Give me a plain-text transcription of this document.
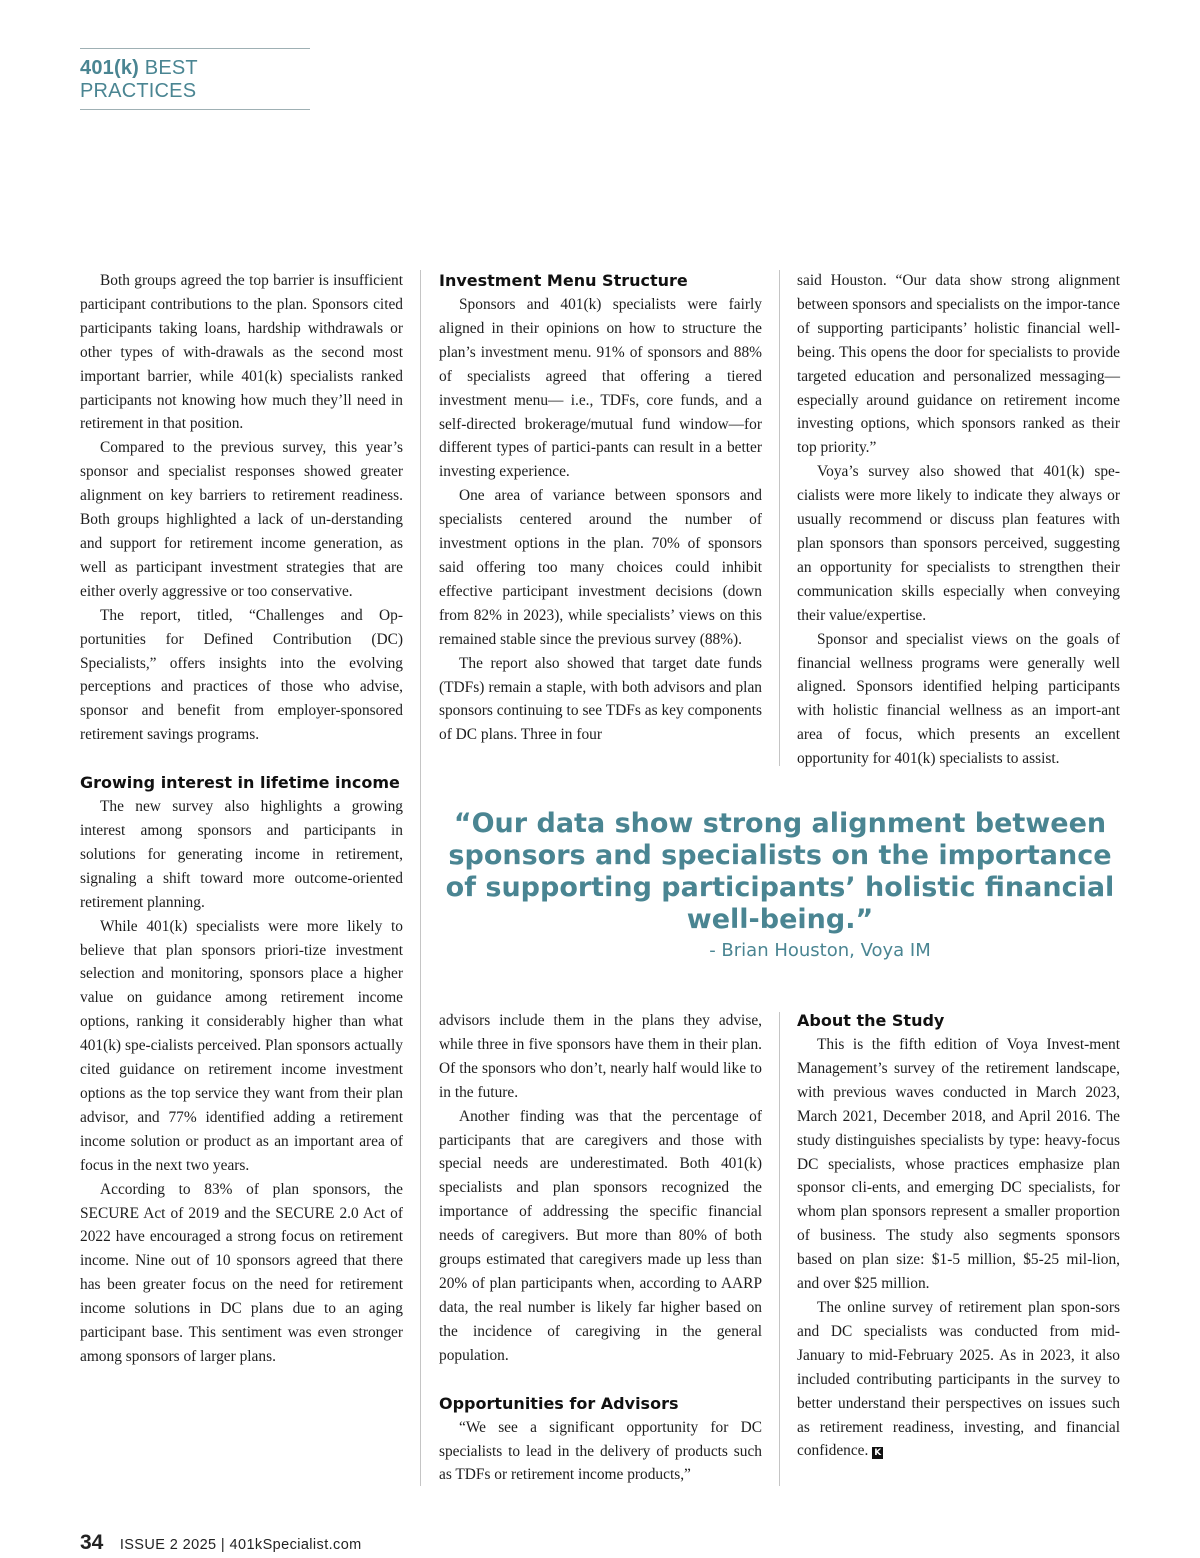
401(k) BEST PRACTICES

Both groups agreed the top barrier is insufficient participant contributions to the plan. Sponsors cited participants taking loans, hardship withdrawals or other types of with-drawals as the second most important barrier, while 401(k) specialists ranked participants not knowing how much they’ll need in retirement in that position.

Compared to the previous survey, this year’s sponsor and specialist responses showed greater alignment on key barriers to retirement readiness. Both groups highlighted a lack of un-derstanding and support for retirement income generation, as well as participant investment strategies that are either overly aggressive or too conservative.

The report, titled, “Challenges and Op-portunities for Defined Contribution (DC) Specialists,” offers insights into the evolving perceptions and practices of those who advise, sponsor and benefit from employer-sponsored retirement savings programs.

Growing interest in lifetime income

The new survey also highlights a growing interest among sponsors and participants in solutions for generating income in retirement, signaling a shift toward more outcome-oriented retirement planning.

While 401(k) specialists were more likely to believe that plan sponsors priori-tize investment selection and monitoring, sponsors place a higher value on guidance among retirement income options, ranking it considerably higher than what 401(k) spe-cialists perceived. Plan sponsors actually cited guidance on retirement income investment options as the top service they want from their plan advisor, and 77% identified adding a retirement income solution or product as an important area of focus in the next two years.

According to 83% of plan sponsors, the SECURE Act of 2019 and the SECURE 2.0 Act of 2022 have encouraged a strong focus on retirement income. Nine out of 10 sponsors agreed that there has been greater focus on the need for retirement income solutions in DC plans due to an aging participant base. This sentiment was even stronger among sponsors of larger plans.

Investment Menu Structure

Sponsors and 401(k) specialists were fairly aligned in their opinions on how to structure the plan’s investment menu. 91% of sponsors and 88% of specialists agreed that offering a tiered investment menu— i.e., TDFs, core funds, and a self-directed brokerage/mutual fund window—for different types of partici-pants can result in a better investing experience.

One area of variance between sponsors and specialists centered around the number of investment options in the plan. 70% of sponsors said offering too many choices could inhibit effective participant investment decisions (down from 82% in 2023), while specialists’ views on this remained stable since the previous survey (88%).

The report also showed that target date funds (TDFs) remain a staple, with both advisors and plan sponsors continuing to see TDFs as key components of DC plans. Three in four

said Houston. “Our data show strong alignment between sponsors and specialists on the impor-tance of supporting participants’ holistic financial well-being. This opens the door for specialists to provide targeted education and personalized messaging—especially around guidance on retirement income investing options, which sponsors ranked as their top priority.”

Voya’s survey also showed that 401(k) spe-cialists were more likely to indicate they always or usually recommend or discuss plan features with plan sponsors than sponsors perceived, suggesting an opportunity for specialists to strengthen their communication skills especially when conveying their value/expertise.

Sponsor and specialist views on the goals of financial wellness programs were generally well aligned. Sponsors identified helping participants with holistic financial wellness as an import-ant area of focus, which presents an excellent opportunity for 401(k) specialists to assist.

“Our data show strong alignment between sponsors and specialists on the importance of supporting participants’ holistic financial well-being.”
- Brian Houston, Voya IM

advisors include them in the plans they advise, while three in five sponsors have them in their plan. Of the sponsors who don’t, nearly half would like to in the future.

Another finding was that the percentage of participants that are caregivers and those with special needs are underestimated. Both 401(k) specialists and plan sponsors recognized the importance of addressing the specific financial needs of caregivers. But more than 80% of both groups estimated that caregivers made up less than 20% of plan participants when, according to AARP data, the real number is likely far higher based on the incidence of caregiving in the general population.

Opportunities for Advisors

“We see a significant opportunity for DC specialists to lead in the delivery of products such as TDFs or retirement income products,”

About the Study

This is the fifth edition of Voya Invest-ment Management’s survey of the retirement landscape, with previous waves conducted in March 2023, March 2021, December 2018, and April 2016. The study distinguishes specialists by type: heavy-focus DC specialists, whose practices emphasize plan sponsor cli-ents, and emerging DC specialists, for whom plan sponsors represent a smaller proportion of business. The study also segments sponsors based on plan size: $1-5 million, $5-25 mil-lion, and over $25 million.

The online survey of retirement plan spon-sors and DC specialists was conducted from mid-January to mid-February 2025. As in 2023, it also included contributing participants in the survey to better understand their perspectives on issues such as retirement readiness, investing, and financial confidence. K

34 ISSUE 2 2025 | 401kSpecialist.com
